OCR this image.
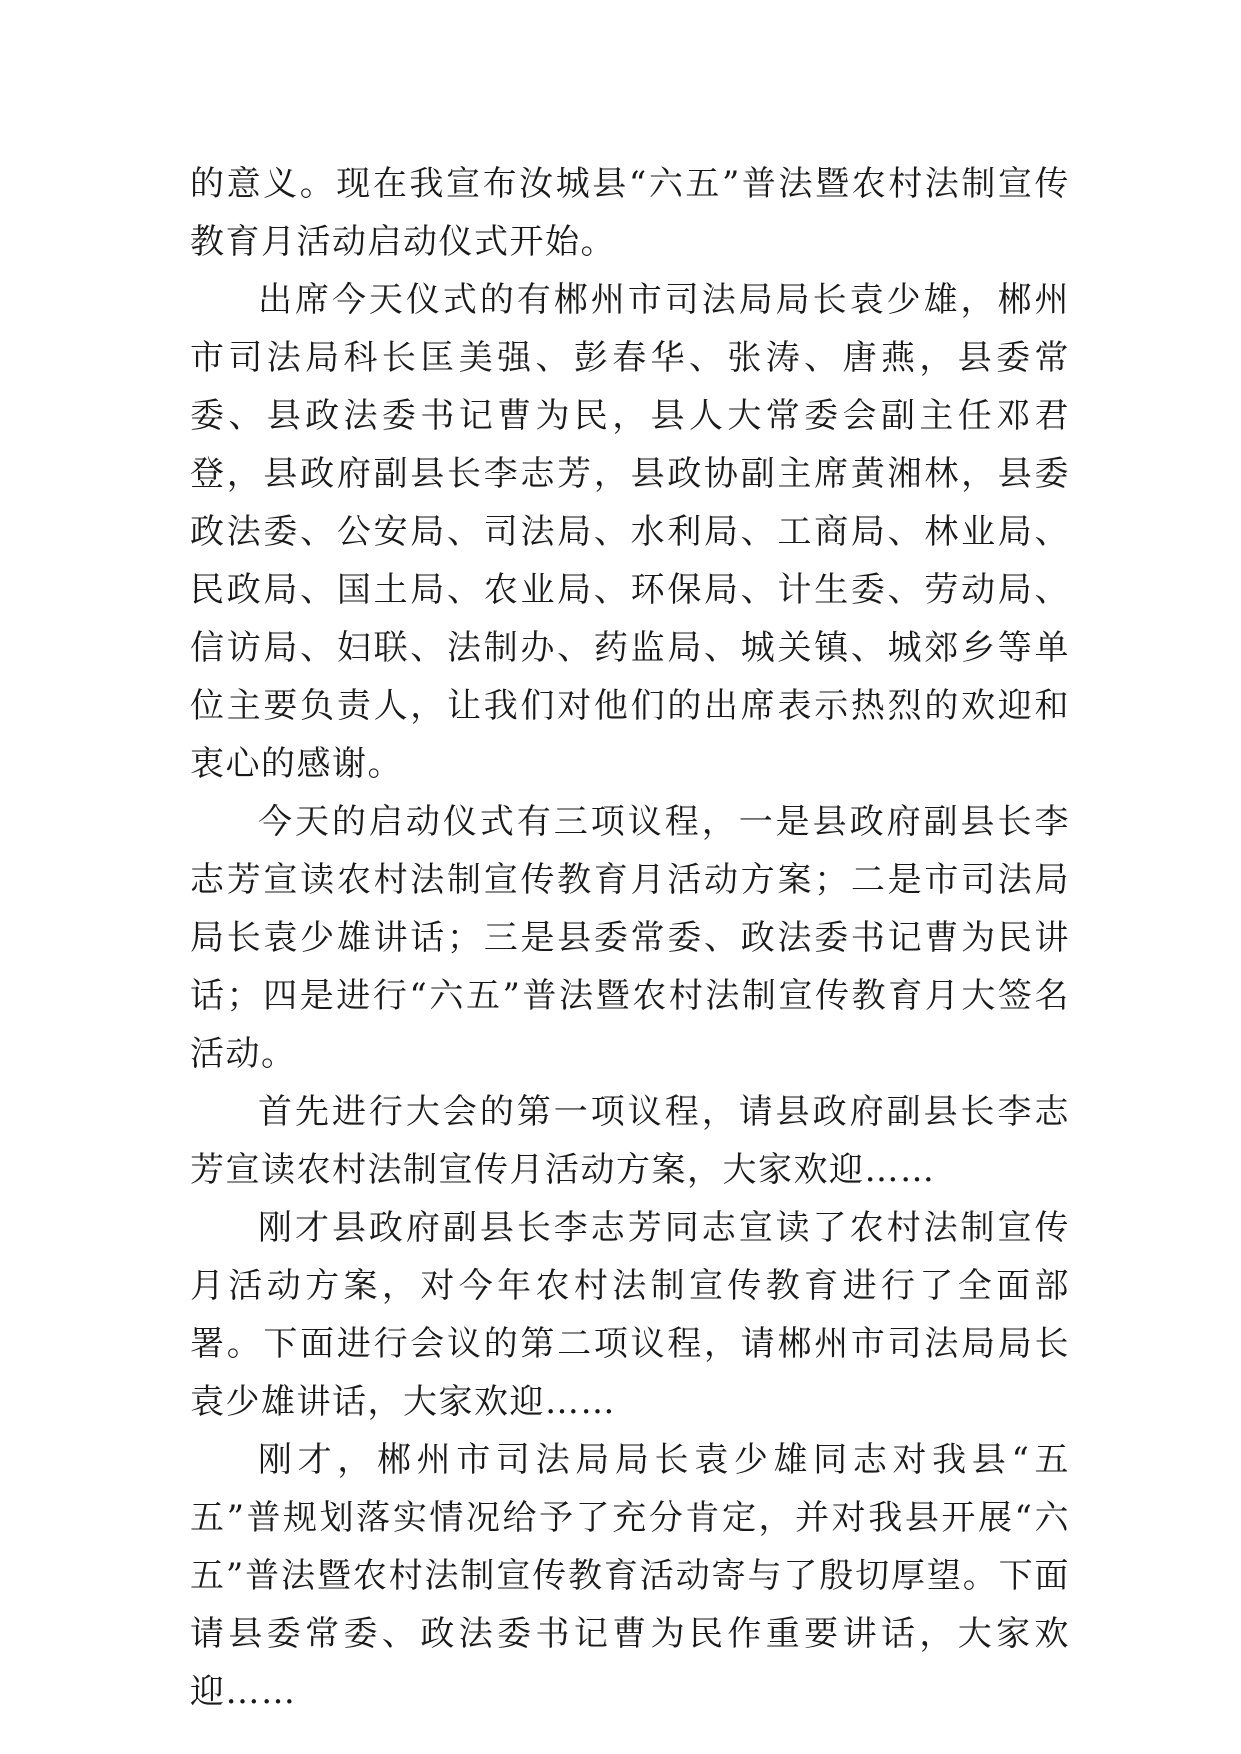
的意义。现在我宣布汝城县“六五”普法暨农村法制宣传教育月活动启动仪式开始。

出席今天仪式的有郴州市司法局局长袁少雄，郴州市司法局科长匡美强、彭春华、张涛、唐燕，县委常委、县政法委书记曹为民，县人大常委会副主任邓君登，县政府副县长李志芳，县政协副主席黄湘林，县委政法委、公安局、司法局、水利局、工商局、林业局、民政局、国土局、农业局、环保局、计生委、劳动局、信访局、妇联、法制办、药监局、城关镇、城郊乡等单位主要负责人，让我们对他们的出席表示热烈的欢迎和衷心的感谢。

今天的启动仪式有三项议程，一是县政府副县长李志芳宣读农村法制宣传教育月活动方案；二是市司法局局长袁少雄讲话；三是县委常委、政法委书记曹为民讲话；四是进行“六五”普法暨农村法制宣传教育月大签名活动。

首先进行大会的第一项议程，请县政府副县长李志芳宣读农村法制宣传月活动方案，大家欢迎……

刚才县政府副县长李志芳同志宣读了农村法制宣传月活动方案，对今年农村法制宣传教育进行了全面部署。下面进行会议的第二项议程，请郴州市司法局局长袁少雄讲话，大家欢迎……

刚才，郴州市司法局局长袁少雄同志对我县“五五”普规划落实情况给予了充分肯定，并对我县开展“六五”普法暨农村法制宣传教育活动寄与了殷切厚望。下面请县委常委、政法委书记曹为民作重要讲话，大家欢迎……
